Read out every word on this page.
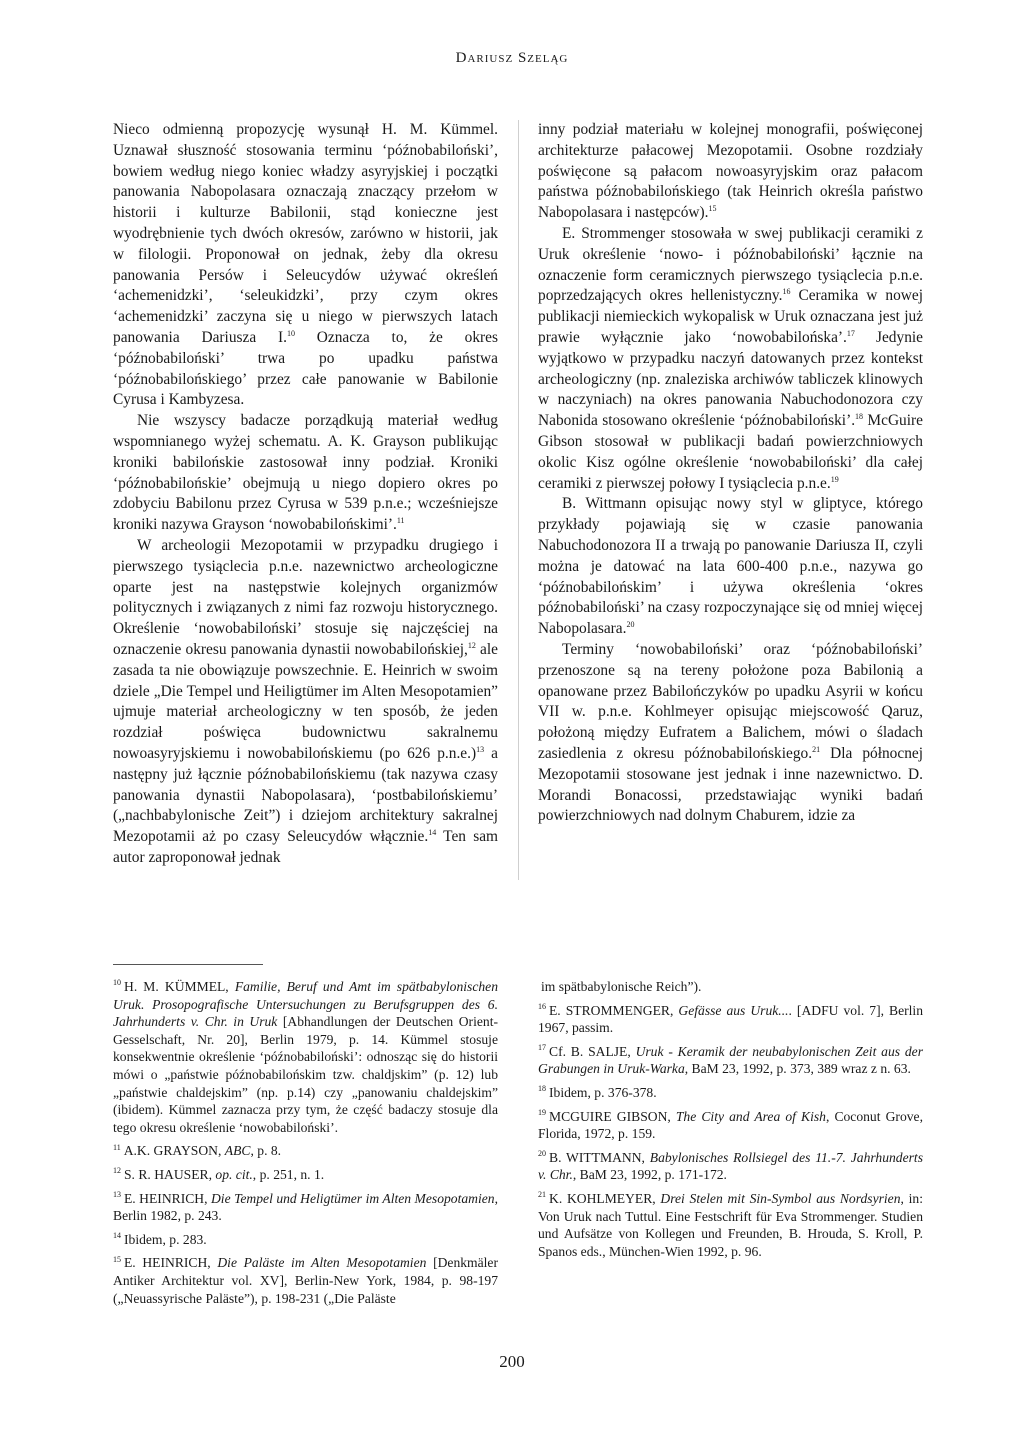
Dariusz Szeląg

Nieco odmienną propozycję wysunął H. M. Kümmel. Uznawał słuszność stosowania terminu ‘późnobabiloński’, bowiem według niego koniec władzy asyryjskiej i początki panowania Nabopolasara oznaczają znaczący przełom w historii i kulturze Babilonii, stąd konieczne jest wyodrębnienie tych dwóch okresów, zarówno w historii, jak w filologii. Proponował on jednak, żeby dla okresu panowania Persów i Seleucydów używać określeń ‘achemenidzki’, ‘seleukidzki’, przy czym okres ‘achemenidzki’ zaczyna się u niego w pierwszych latach panowania Dariusza I.$^{10}$ Oznacza to, że okres ‘późnobabiloński’ trwa po upadku państwa ‘późnobabilońskiego’ przez całe panowanie w Babilonie Cyrusa i Kambyzesa.

Nie wszyscy badacze porządkują materiał według wspomnianego wyżej schematu. A. K. Grayson publikując kroniki babilońskie zastosował inny podział. Kroniki ‘późnobabilońskie’ obejmują u niego dopiero okres po zdobyciu Babilonu przez Cyrusa w 539 p.n.e.; wcześniejsze kroniki nazywa Grayson ‘nowobabilońskimi’.$^{11}$

W archeologii Mezopotamii w przypadku drugiego i pierwszego tysiąclecia p.n.e. nazewnictwo archeologiczne oparte jest na następstwie kolejnych organizmów politycznych i związanych z nimi faz rozwoju historycznego. Określenie ‘nowobabiloński’ stosuje się najczęściej na oznaczenie okresu panowania dynastii nowobabilońskiej,$^{12}$ ale zasada ta nie obowiązuje powszechnie. E. Heinrich w swoim dziele „Die Tempel und Heiligtümer im Alten Mesopotamien” ujmuje materiał archeologiczny w ten sposób, że jeden rozdział poświęca budownictwu sakralnemu nowoasyryjskiemu i nowobabilońskiemu (po 626 p.n.e.)$^{13}$ a następny już łącznie późnobabilońskiemu (tak nazywa czasy panowania dynastii Nabopolasara), ‘postbabilońskiemu’ („nachbabylonische Zeit”) i dziejom architektury sakralnej Mezopotamii aż po czasy Seleucydów włącznie.$^{14}$ Ten sam autor zaproponował jednak

inny podział materiału w kolejnej monografii, poświęconej architekturze pałacowej Mezopotamii. Osobne rozdziały poświęcone są pałacom nowoasyryjskim oraz pałacom państwa późnobabilońskiego (tak Heinrich określa państwo Nabopolasara i następców).$^{15}$

E. Strommenger stosowała w swej publikacji ceramiki z Uruk określenie ‘nowo- i późnobabiloński’ łącznie na oznaczenie form ceramicznych pierwszego tysiąclecia p.n.e. poprzedzających okres hellenistyczny.$^{16}$ Ceramika w nowej publikacji niemieckich wykopalisk w Uruk oznaczana jest już prawie wyłącznie jako ‘nowobabilońska’.$^{17}$ Jedynie wyjątkowo w przypadku naczyń datowanych przez kontekst archeologiczny (np. znaleziska archiwów tabliczek klinowych w naczyniach) na okres panowania Nabuchodonozora czy Nabonida stosowano określenie ‘późnobabiloński’.$^{18}$ McGuire Gibson stosował w publikacji badań powierzchniowych okolic Kisz ogólne określenie ‘nowobabiloński’ dla całej ceramiki z pierwszej połowy I tysiąclecia p.n.e.$^{19}$

B. Wittmann opisując nowy styl w gliptyce, którego przykłady pojawiają się w czasie panowania Nabuchodonozora II a trwają po panowanie Dariusza II, czyli można je datować na lata 600-400 p.n.e., nazywa go ‘późnobabilońskim’ i używa określenia ‘okres późnobabiloński’ na czasy rozpoczynające się od mniej więcej Nabopolasara.$^{20}$

Terminy ‘nowobabiloński’ oraz ‘późnobabiloński’ przenoszone są na tereny położone poza Babilonią a opanowane przez Babilończyków po upadku Asyrii w końcu VII w. p.n.e. Kohlmeyer opisując miejscowość Qaruz, położoną między Eufratem a Balichem, mówi o śladach zasiedlenia z okresu późnobabilońskiego.$^{21}$ Dla północnej Mezopotamii stosowane jest jednak i inne nazewnictwo. D. Morandi Bonacossi, przedstawiając wyniki badań powierzchniowych nad dolnym Chaburem, idzie za

$^{10}$ H. M. KÜMMEL, Familie, Beruf und Amt im spätbabylonischen Uruk. Prosopografische Untersuchungen zu Berufsgruppen des 6. Jahrhunderts v. Chr. in Uruk [Abhandlungen der Deutschen Orient-Gesselschaft, Nr. 20], Berlin 1979, p. 14. Kümmel stosuje konsekwentnie określenie ‘późnobabiloński’: odnosząc się do historii mówi o „państwie późnobabilońskim tzw. chaldjskim” (p. 12) lub „państwie chaldejskim” (np. p.14) czy „panowaniu chaldejskim” (ibidem). Kümmel zaznacza przy tym, że część badaczy stosuje dla tego okresu określenie ‘nowobabiloński’.

$^{11}$ A.K. GRAYSON, ABC, p. 8.

$^{12}$ S. R. HAUSER, op. cit., p. 251, n. 1.

$^{13}$ E. HEINRICH, Die Tempel und Heligtümer im Alten Mesopotamien, Berlin 1982, p. 243.

$^{14}$ Ibidem, p. 283.

$^{15}$ E. HEINRICH, Die Paläste im Alten Mesopotamien [Denkmäler Antiker Architektur vol. XV], Berlin-New York, 1984, p. 98-197 („Neuassyrische Paläste”), p. 198-231 („Die Paläste

im spätbabylonische Reich”).

$^{16}$ E. STROMMENGER, Gefässe aus Uruk.... [ADFU vol. 7], Berlin 1967, passim.

$^{17}$ Cf. B. SALJE, Uruk - Keramik der neubabylonischen Zeit aus der Grabungen in Uruk-Warka, BaM 23, 1992, p. 373, 389 wraz z n. 63.

$^{18}$ Ibidem, p. 376-378.

$^{19}$ MCGUIRE GIBSON, The City and Area of Kish, Coconut Grove, Florida, 1972, p. 159.

$^{20}$ B. WITTMANN, Babylonisches Rollsiegel des 11.-7. Jahrhunderts v. Chr., BaM 23, 1992, p. 171-172.

$^{21}$ K. KOHLMEYER, Drei Stelen mit Sin-Symbol aus Nordsyrien, in: Von Uruk nach Tuttul. Eine Festschrift für Eva Strommenger. Studien und Aufsätze von Kollegen und Freunden, B. Hrouda, S. Kroll, P. Spanos eds., München-Wien 1992, p. 96.

200
